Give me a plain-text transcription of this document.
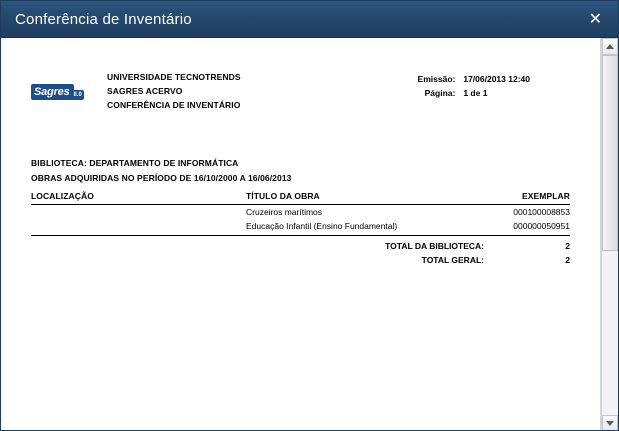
Conferência de Inventário	✕
Sagres II.0
UNIVERSIDADE TECNOTRENDS
SAGRES ACERVO
CONFERÊNCIA DE INVENTÁRIO
Emissão: 17/06/2013 12:40
Página: 1 de 1
BIBLIOTECA: DEPARTAMENTO DE INFORMÁTICA
OBRAS ADQUIRIDAS NO PERÍODO DE 16/10/2000 A 16/06/2013
LOCALIZAÇÃO	TÍTULO DA OBRA	EXEMPLAR
	Cruzeiros marítimos	000100008853
	Educação Infantil (Ensino Fundamental)	000000050951
TOTAL DA BIBLIOTECA:	2
TOTAL GERAL:	2
